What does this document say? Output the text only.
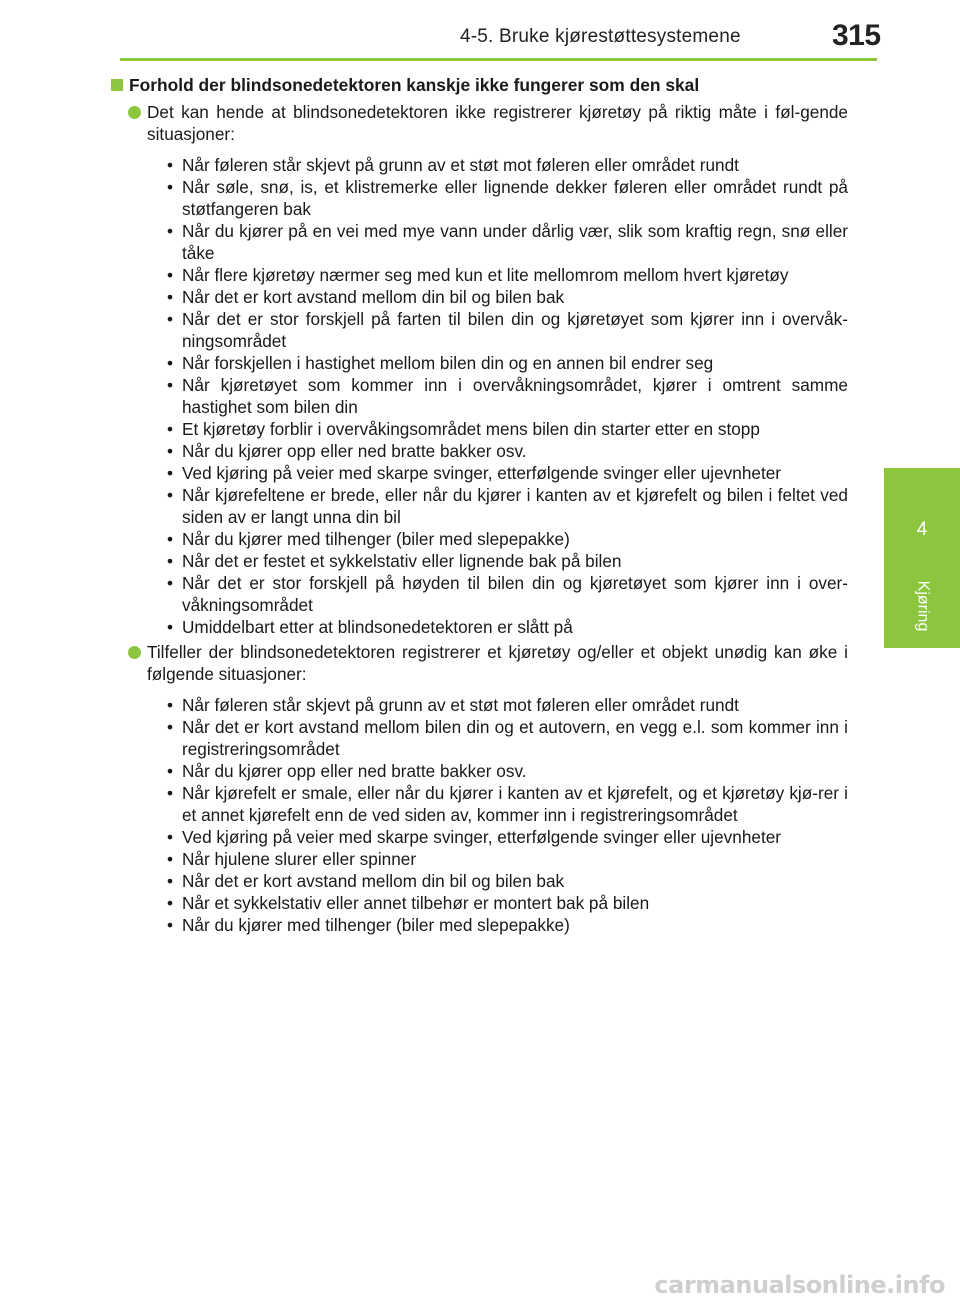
4-5. Bruke kjørestøttesystemene	315
4
Kjøring
Forhold der blindsonedetektoren kanskje ikke fungerer som den skal
Det kan hende at blindsonedetektoren ikke registrerer kjøretøy på riktig måte i føl-gende situasjoner:
• Når føleren står skjevt på grunn av et støt mot føleren eller området rundt
• Når søle, snø, is, et klistremerke eller lignende dekker føleren eller området rundt på støtfangeren bak
• Når du kjører på en vei med mye vann under dårlig vær, slik som kraftig regn, snø eller tåke
• Når flere kjøretøy nærmer seg med kun et lite mellomrom mellom hvert kjøretøy
• Når det er kort avstand mellom din bil og bilen bak
• Når det er stor forskjell på farten til bilen din og kjøretøyet som kjører inn i overvåk-ningsområdet
• Når forskjellen i hastighet mellom bilen din og en annen bil endrer seg
• Når kjøretøyet som kommer inn i overvåkningsområdet, kjører i omtrent samme hastighet som bilen din
• Et kjøretøy forblir i overvåkingsområdet mens bilen din starter etter en stopp
• Når du kjører opp eller ned bratte bakker osv.
• Ved kjøring på veier med skarpe svinger, etterfølgende svinger eller ujevnheter
• Når kjørefeltene er brede, eller når du kjører i kanten av et kjørefelt og bilen i feltet ved siden av er langt unna din bil
• Når du kjører med tilhenger (biler med slepepakke)
• Når det er festet et sykkelstativ eller lignende bak på bilen
• Når det er stor forskjell på høyden til bilen din og kjøretøyet som kjører inn i over-våkningsområdet
• Umiddelbart etter at blindsonedetektoren er slått på
Tilfeller der blindsonedetektoren registrerer et kjøretøy og/eller et objekt unødig kan øke i følgende situasjoner:
• Når føleren står skjevt på grunn av et støt mot føleren eller området rundt
• Når det er kort avstand mellom bilen din og et autovern, en vegg e.l. som kommer inn i registreringsområdet
• Når du kjører opp eller ned bratte bakker osv.
• Når kjørefelt er smale, eller når du kjører i kanten av et kjørefelt, og et kjøretøy kjø-rer i et annet kjørefelt enn de ved siden av, kommer inn i registreringsområdet
• Ved kjøring på veier med skarpe svinger, etterfølgende svinger eller ujevnheter
• Når hjulene slurer eller spinner
• Når det er kort avstand mellom din bil og bilen bak
• Når et sykkelstativ eller annet tilbehør er montert bak på bilen
• Når du kjører med tilhenger (biler med slepepakke)
carmanualsonline.info
